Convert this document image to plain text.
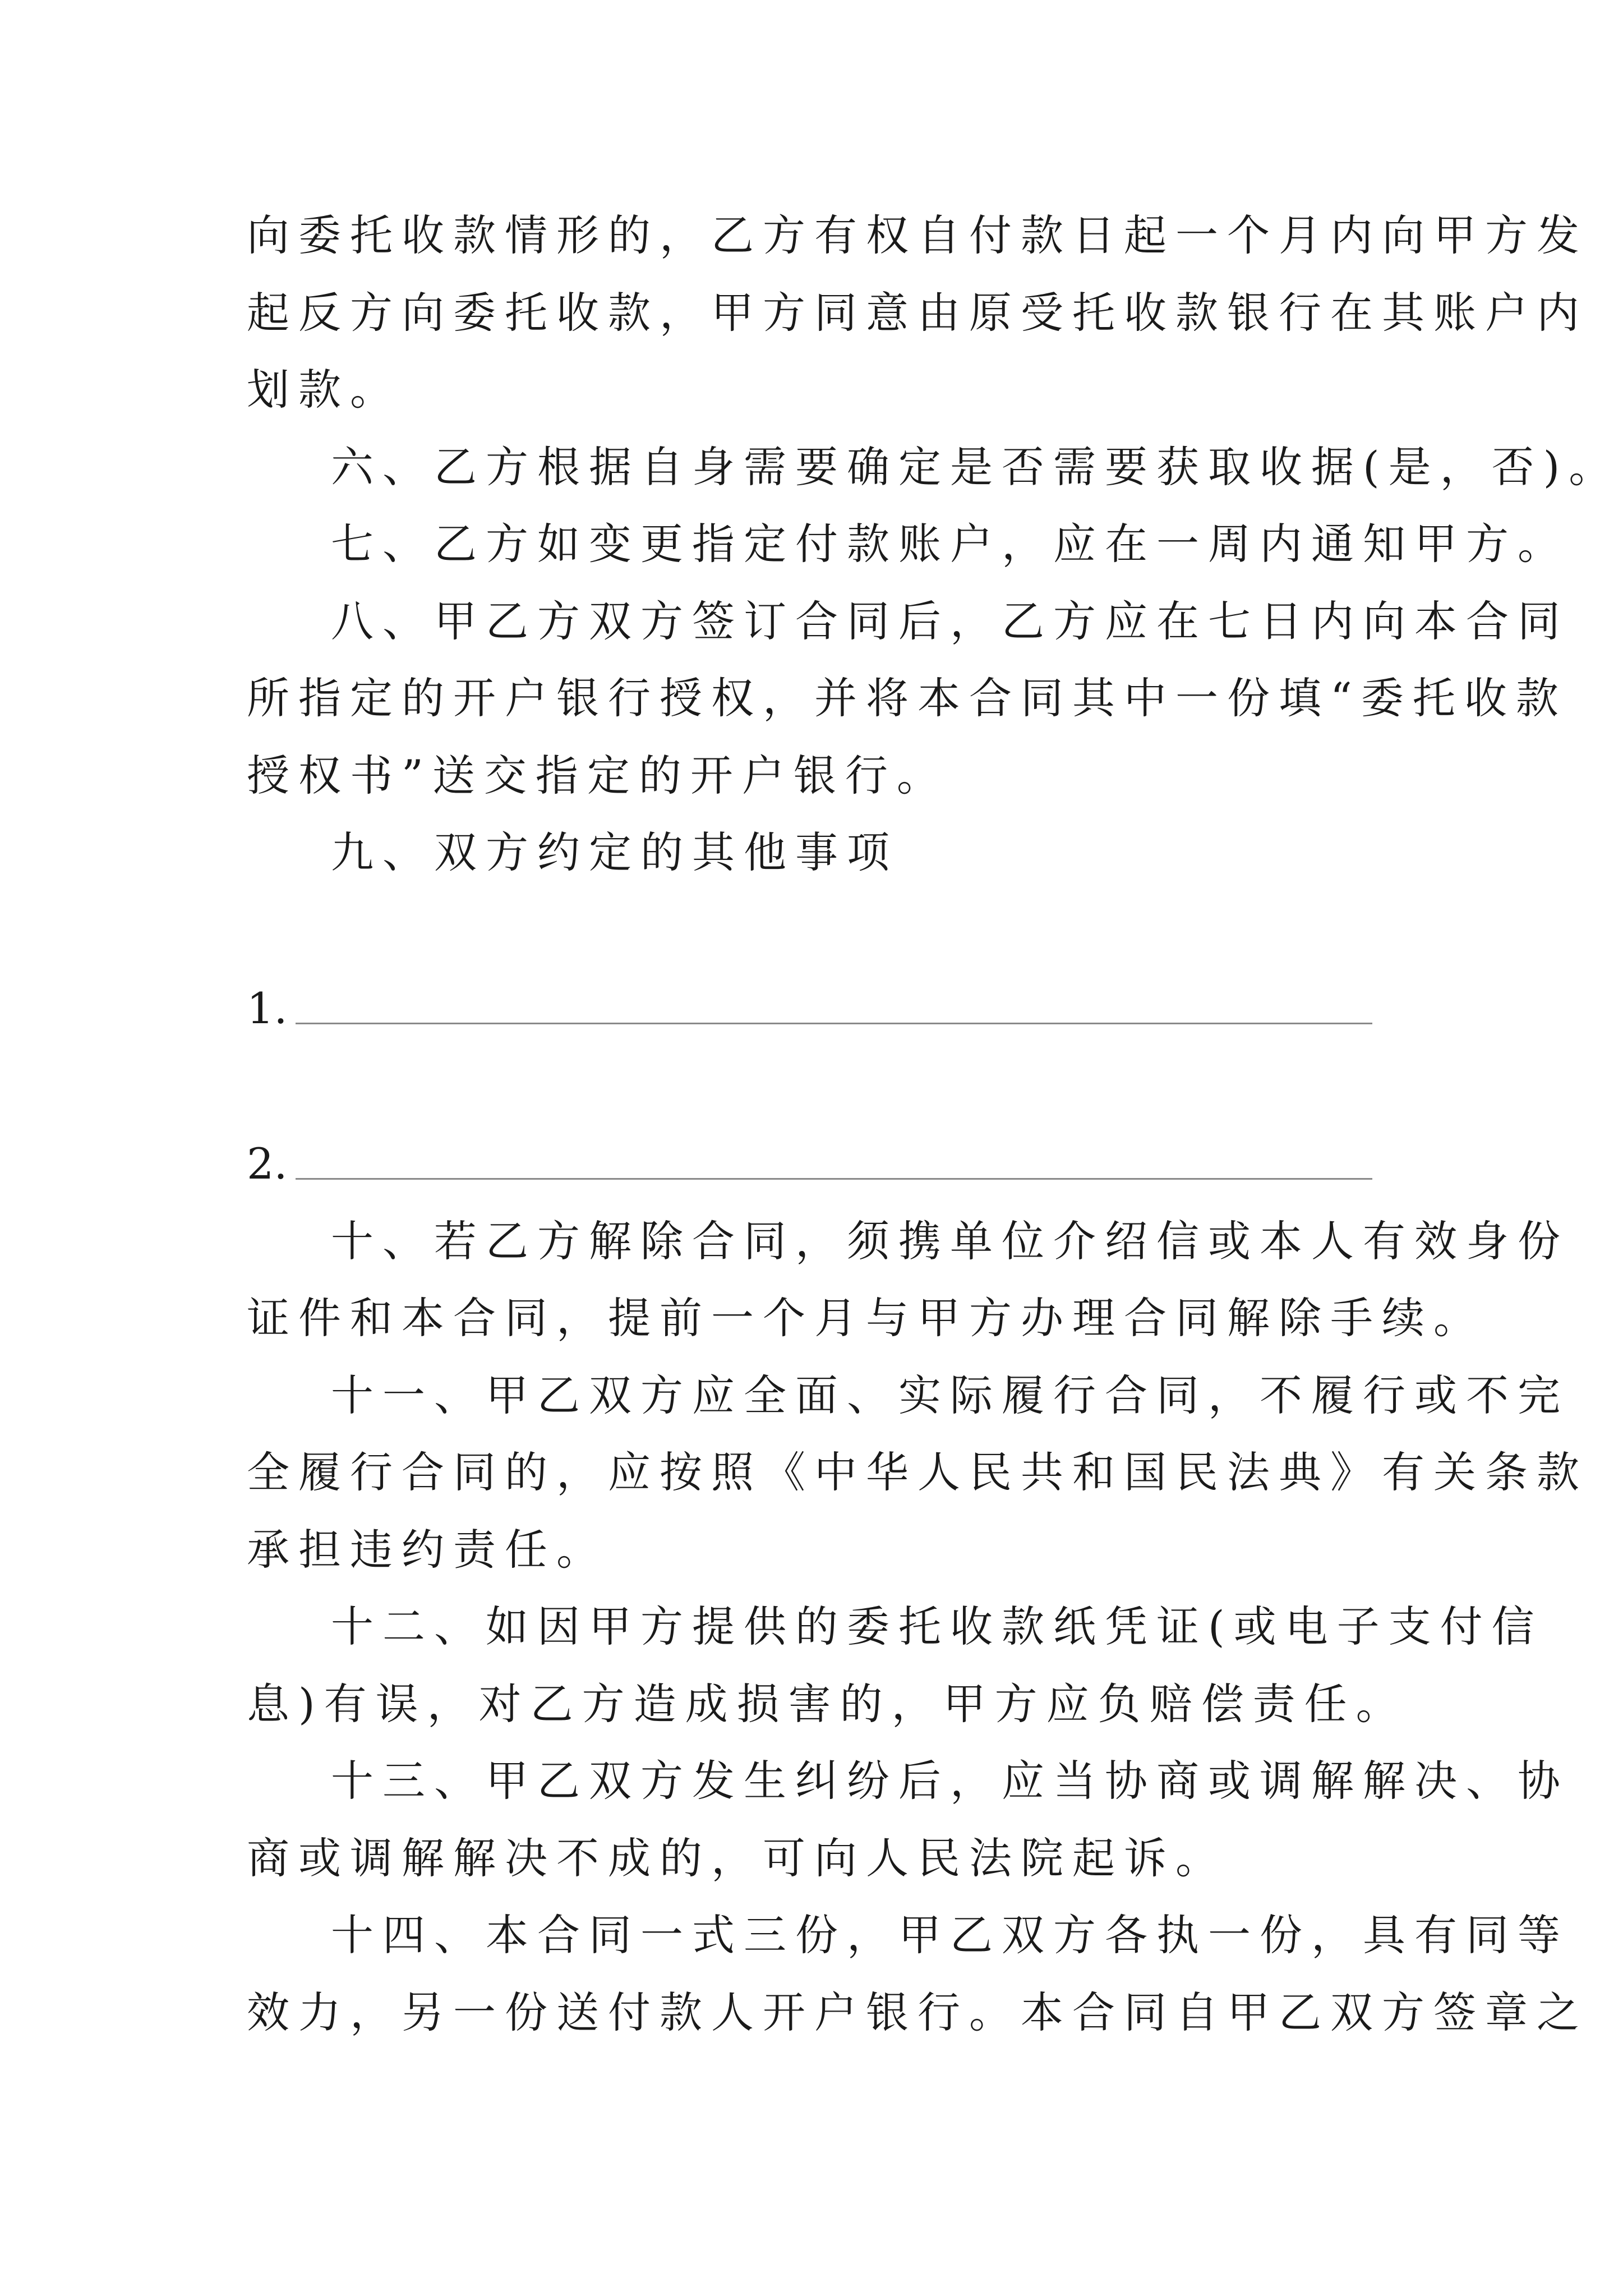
向委托收款情形的，乙方有权自付款日起一个月内向甲方发
起反方向委托收款，甲方同意由原受托收款银行在其账户内
划款。
六、乙方根据自身需要确定是否需要获取收据(是，否)。
七、乙方如变更指定付款账户，应在一周内通知甲方。
八、甲乙方双方签订合同后，乙方应在七日内向本合同
所指定的开户银行授权，并将本合同其中一份填“委托收款
授权书”送交指定的开户银行。
九、双方约定的其他事项
1.
2.
十、若乙方解除合同，须携单位介绍信或本人有效身份
证件和本合同，提前一个月与甲方办理合同解除手续。
十一、甲乙双方应全面、实际履行合同，不履行或不完
全履行合同的，应按照《中华人民共和国民法典》有关条款
承担违约责任。
十二、如因甲方提供的委托收款纸凭证(或电子支付信
息)有误，对乙方造成损害的，甲方应负赔偿责任。
十三、甲乙双方发生纠纷后，应当协商或调解解决、协
商或调解解决不成的，可向人民法院起诉。
十四、本合同一式三份，甲乙双方各执一份，具有同等
效力，另一份送付款人开户银行。本合同自甲乙双方签章之
